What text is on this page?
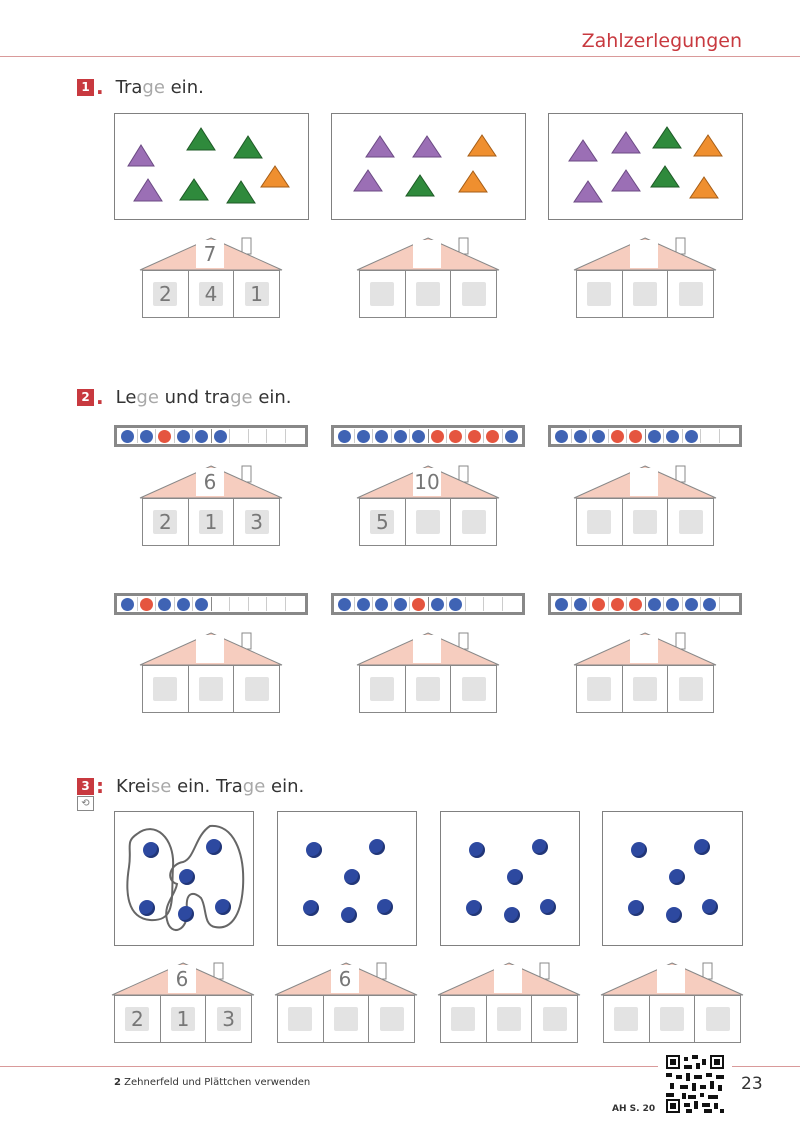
Zahlzerlegungen
1 . Trage ein.
7
2 4 1
2 . Lege und trage ein.
6
2 1 3
10
5
3 : Kreise ein. Trage ein.
⟲
6
2 1 3
6
2 Zehnerfeld und Plättchen verwenden
AH S. 20
23
